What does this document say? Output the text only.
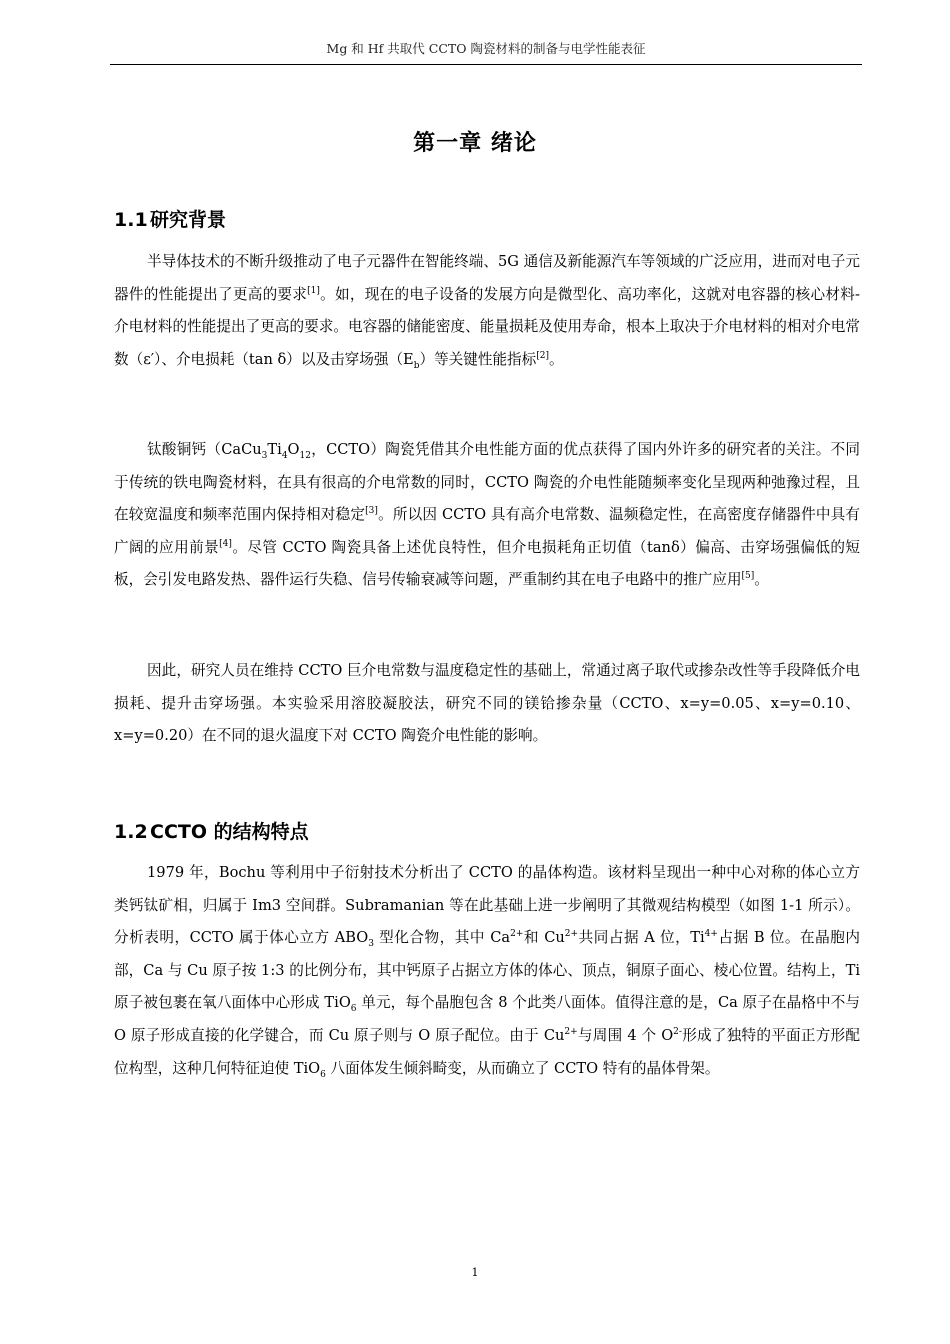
Mg 和 Hf 共取代 CCTO 陶瓷材料的制备与电学性能表征
第一章 绪论
1.1 研究背景

半导体技术的不断升级推动了电子元器件在智能终端、5G 通信及新能源汽车等领域的广泛应用，进而对电子元器件的性能提出了更高的要求[1]。如，现在的电子设备的发展方向是微型化、高功率化，这就对电容器的核心材料-介电材料的性能提出了更高的要求。电容器的储能密度、能量损耗及使用寿命，根本上取决于介电材料的相对介电常数（ε′）、介电损耗（tan δ）以及击穿场强$(E_b)$等关键性能指标[2]。

钛酸铜钙（$CaCu_3Ti_4O_{12}$，CCTO）陶瓷凭借其介电性能方面的优点获得了国内外许多的研究者的关注。不同于传统的铁电陶瓷材料，在具有很高的介电常数的同时，CCTO 陶瓷的介电性能随频率变化呈现两种弛豫过程，且在较宽温度和频率范围内保持相对稳定[3]。所以因 CCTO 具有高介电常数、温频稳定性，在高密度存储器件中具有广阔的应用前景[4]。尽管 CCTO 陶瓷具备上述优良特性，但介电损耗角正切值（tanδ）偏高、击穿场强偏低的短板，会引发电路发热、器件运行失稳、信号传输衰减等问题，严重制约其在电子电路中的推广应用[5]。

因此，研究人员在维持 CCTO 巨介电常数与温度稳定性的基础上，常通过离子取代或掺杂改性等手段降低介电损耗、提升击穿场强。本实验采用溶胶凝胶法，研究不同的镁铪掺杂量（CCTO、x=y=0.05、x=y=0.10、x=y=0.20）在不同的退火温度下对 CCTO 陶瓷介电性能的影响。

1.2 CCTO 的结构特点

1979 年，Bochu 等利用中子衍射技术分析出了 CCTO 的晶体构造。该材料呈现出一种中心对称的体心立方类钙钛矿相，归属于 Im3 空间群。Subramanian 等在此基础上进一步阐明了其微观结构模型（如图 1-1 所示）。分析表明，CCTO 属于体心立方 $ABO_3$ 型化合物，其中 $Ca^{2+}$和 $Cu^{2+}$共同占据 A 位，$Ti^{4+}$占据 B 位。在晶胞内部，Ca 与 Cu 原子按 1:3 的比例分布，其中钙原子占据立方体的体心、顶点，铜原子面心、棱心位置。结构上，Ti 原子被包裹在氧八面体中心形成 TiO$_6$ 单元，每个晶胞包含 8 个此类八面体。值得注意的是，Ca 原子在晶格中不与 O 原子形成直接的化学键合，而 Cu 原子则与 O 原子配位。由于 $Cu^{2+}$与周围 4 个 $O^{2-}$形成了独特的平面正方形配位构型，这种几何特征迫使 TiO$_6$ 八面体发生倾斜畸变，从而确立了 CCTO 特有的晶体骨架。

1
